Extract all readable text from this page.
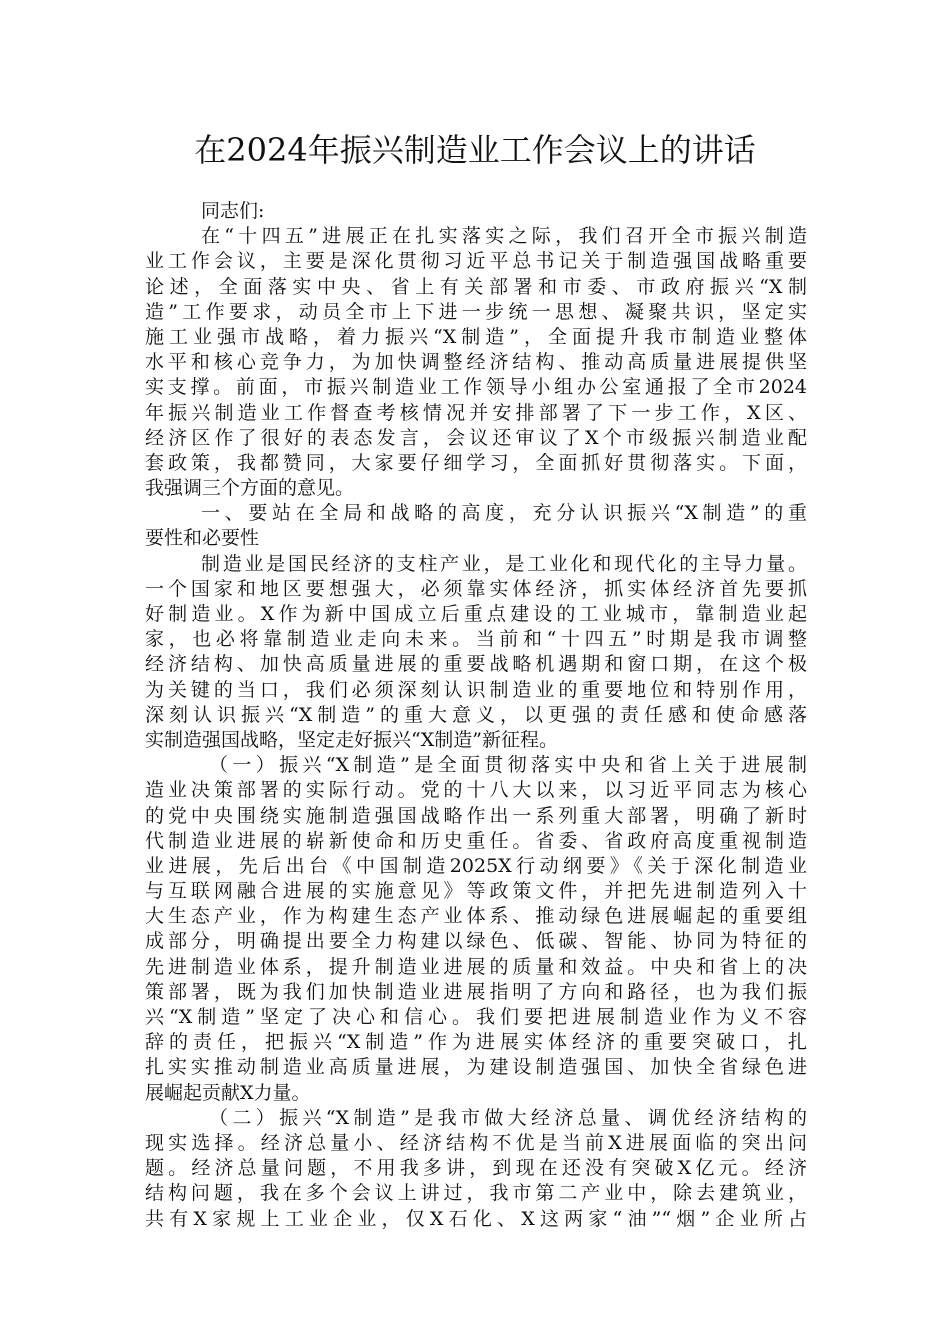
在2024年振兴制造业工作会议上的讲话
同志们:
在“十四五”进展正在扎实落实之际，我们召开全市振兴制造
业工作会议，主要是深化贯彻习近平总书记关于制造强国战略重要
论述，全面落实中央、省上有关部署和市委、市政府振兴“X制
造”工作要求，动员全市上下进一步统一思想、凝聚共识，坚定实
施工业强市战略，着力振兴“X制造”，全面提升我市制造业整体
水平和核心竞争力，为加快调整经济结构、推动高质量进展提供坚
实支撑。前面，市振兴制造业工作领导小组办公室通报了全市2024
年振兴制造业工作督查考核情况并安排部署了下一步工作，X区、
经济区作了很好的表态发言，会议还审议了X个市级振兴制造业配
套政策，我都赞同，大家要仔细学习，全面抓好贯彻落实。下面，
我强调三个方面的意见。
一、要站在全局和战略的高度，充分认识振兴“X制造”的重
要性和必要性
制造业是国民经济的支柱产业，是工业化和现代化的主导力量。
一个国家和地区要想强大，必须靠实体经济，抓实体经济首先要抓
好制造业。X作为新中国成立后重点建设的工业城市，靠制造业起
家，也必将靠制造业走向未来。当前和“十四五”时期是我市调整
经济结构、加快高质量进展的重要战略机遇期和窗口期，在这个极
为关键的当口，我们必须深刻认识制造业的重要地位和特别作用，
深刻认识振兴“X制造”的重大意义，以更强的责任感和使命感落
实制造强国战略，坚定走好振兴“X制造”新征程。
（一）振兴“X制造”是全面贯彻落实中央和省上关于进展制
造业决策部署的实际行动。党的十八大以来，以习近平同志为核心
的党中央围绕实施制造强国战略作出一系列重大部署，明确了新时
代制造业进展的崭新使命和历史重任。省委、省政府高度重视制造
业进展，先后出台《中国制造2025X行动纲要》《关于深化制造业
与互联网融合进展的实施意见》等政策文件，并把先进制造列入十
大生态产业，作为构建生态产业体系、推动绿色进展崛起的重要组
成部分，明确提出要全力构建以绿色、低碳、智能、协同为特征的
先进制造业体系，提升制造业进展的质量和效益。中央和省上的决
策部署，既为我们加快制造业进展指明了方向和路径，也为我们振
兴“X制造”坚定了决心和信心。我们要把进展制造业作为义不容
辞的责任，把振兴“X制造”作为进展实体经济的重要突破口，扎
扎实实推动制造业高质量进展，为建设制造强国、加快全省绿色进
展崛起贡献X力量。
（二）振兴“X制造”是我市做大经济总量、调优经济结构的
现实选择。经济总量小、经济结构不优是当前X进展面临的突出问
题。经济总量问题，不用我多讲，到现在还没有突破X亿元。经济
结构问题，我在多个会议上讲过，我市第二产业中，除去建筑业，
共有X家规上工业企业，仅X石化、X这两家“油”“烟”企业所占
